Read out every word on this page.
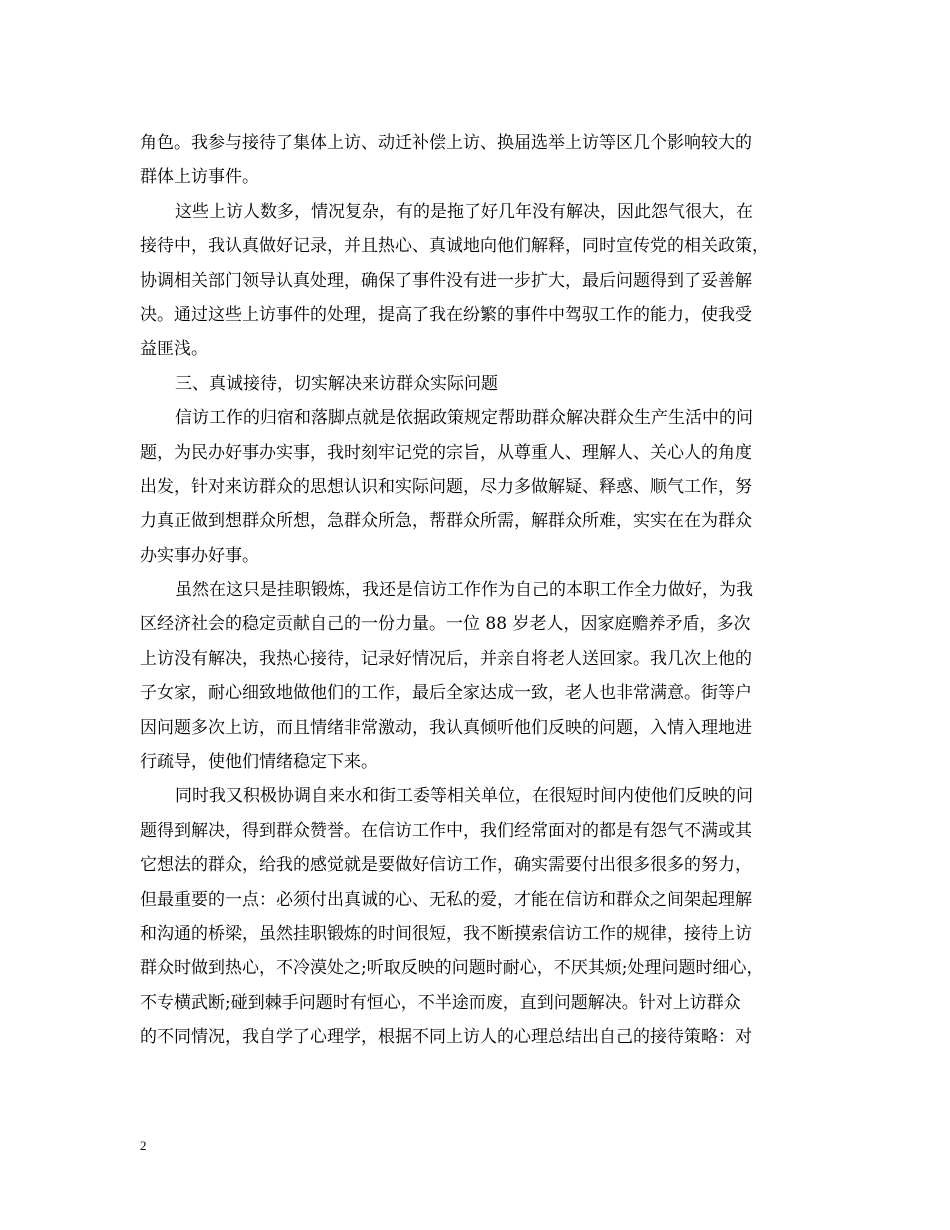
角色。我参与接待了集体上访、动迁补偿上访、换届选举上访等区几个影响较大的
群体上访事件。
这些上访人数多，情况复杂，有的是拖了好几年没有解决，因此怨气很大，在
接待中，我认真做好记录，并且热心、真诚地向他们解释，同时宣传党的相关政策，
协调相关部门领导认真处理，确保了事件没有进一步扩大，最后问题得到了妥善解
决。通过这些上访事件的处理，提高了我在纷繁的事件中驾驭工作的能力，使我受
益匪浅。
三、真诚接待，切实解决来访群众实际问题
信访工作的归宿和落脚点就是依据政策规定帮助群众解决群众生产生活中的问
题，为民办好事办实事，我时刻牢记党的宗旨，从尊重人、理解人、关心人的角度
出发，针对来访群众的思想认识和实际问题，尽力多做解疑、释惑、顺气工作，努
力真正做到想群众所想，急群众所急，帮群众所需，解群众所难，实实在在为群众
办实事办好事。
虽然在这只是挂职锻炼，我还是信访工作作为自己的本职工作全力做好，为我
区经济社会的稳定贡献自己的一份力量。一位 88 岁老人，因家庭赡养矛盾，多次
上访没有解决，我热心接待，记录好情况后，并亲自将老人送回家。我几次上他的
子女家，耐心细致地做他们的工作，最后全家达成一致，老人也非常满意。街等户
因问题多次上访，而且情绪非常激动，我认真倾听他们反映的问题，入情入理地进
行疏导，使他们情绪稳定下来。
同时我又积极协调自来水和街工委等相关单位，在很短时间内使他们反映的问
题得到解决，得到群众赞誉。在信访工作中，我们经常面对的都是有怨气不满或其
它想法的群众，给我的感觉就是要做好信访工作，确实需要付出很多很多的努力，
但最重要的一点：必须付出真诚的心、无私的爱，才能在信访和群众之间架起理解
和沟通的桥梁，虽然挂职锻炼的时间很短，我不断摸索信访工作的规律，接待上访
群众时做到热心，不冷漠处之;听取反映的问题时耐心，不厌其烦;处理问题时细心，
不专横武断;碰到棘手问题时有恒心，不半途而废，直到问题解决。针对上访群众
的不同情况，我自学了心理学，根据不同上访人的心理总结出自己的接待策略：对
2
